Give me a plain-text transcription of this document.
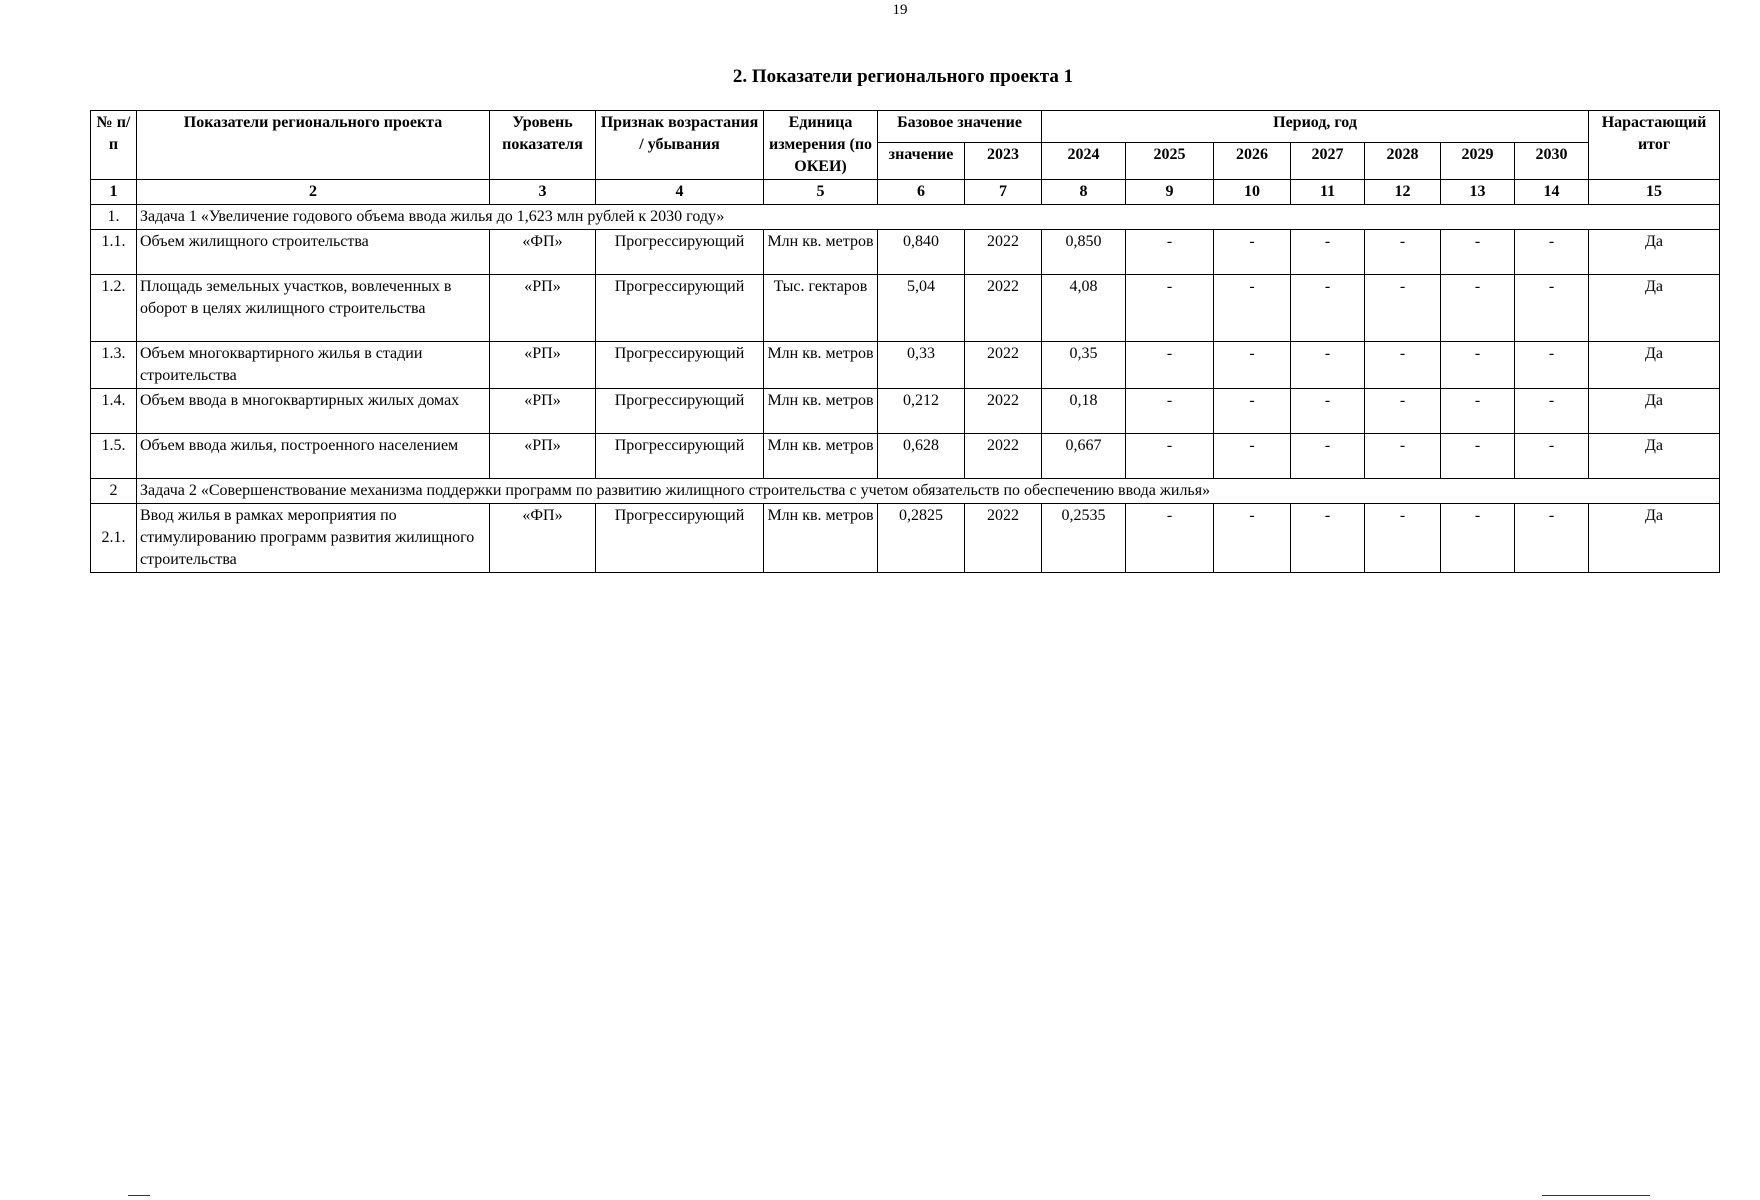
19
2. Показатели регионального проекта 1
№ п/п	Показатели регионального проекта	Уровень показателя	Признак возрастания / убывания	Единица измерения (по ОКЕИ)	Базовое значение		Период, год							Нарастающий итог
					значение	2023	2024	2025	2026	2027	2028	2029	2030	
1	2	3	4	5	6	7	8	9	10	11	12	13	14	15
1.	Задача 1 «Увеличение годового объема ввода жилья до 1,623 млн рублей к 2030 году»													
1.1.	Объем жилищного строительства	«ФП»	Прогрессирующий	Млн кв. метров	0,840	2022	0,850	-	-	-	-	-	-	Да
1.2.	Площадь земельных участков, вовлеченных в оборот в целях жилищного строительства	«РП»	Прогрессирующий	Тыс. гектаров	5,04	2022	4,08	-	-	-	-	-	-	Да
1.3.	Объем многоквартирного жилья в стадии строительства	«РП»	Прогрессирующий	Млн кв. метров	0,33	2022	0,35	-	-	-	-	-	-	Да
1.4.	Объем ввода в многоквартирных жилых домах	«РП»	Прогрессирующий	Млн кв. метров	0,212	2022	0,18	-	-	-	-	-	-	Да
1.5.	Объем ввода жилья, построенного населением	«РП»	Прогрессирующий	Млн кв. метров	0,628	2022	0,667	-	-	-	-	-	-	Да
2	Задача 2 «Совершенствование механизма поддержки программ по развитию жилищного строительства с учетом обязательств по обеспечению ввода жилья»													
2.1.	Ввод жилья в рамках мероприятия по стимулированию программ развития жилищного строительства	«ФП»	Прогрессирующий	Млн кв. метров	0,2825	2022	0,2535	-	-	-	-	-	-	Да
